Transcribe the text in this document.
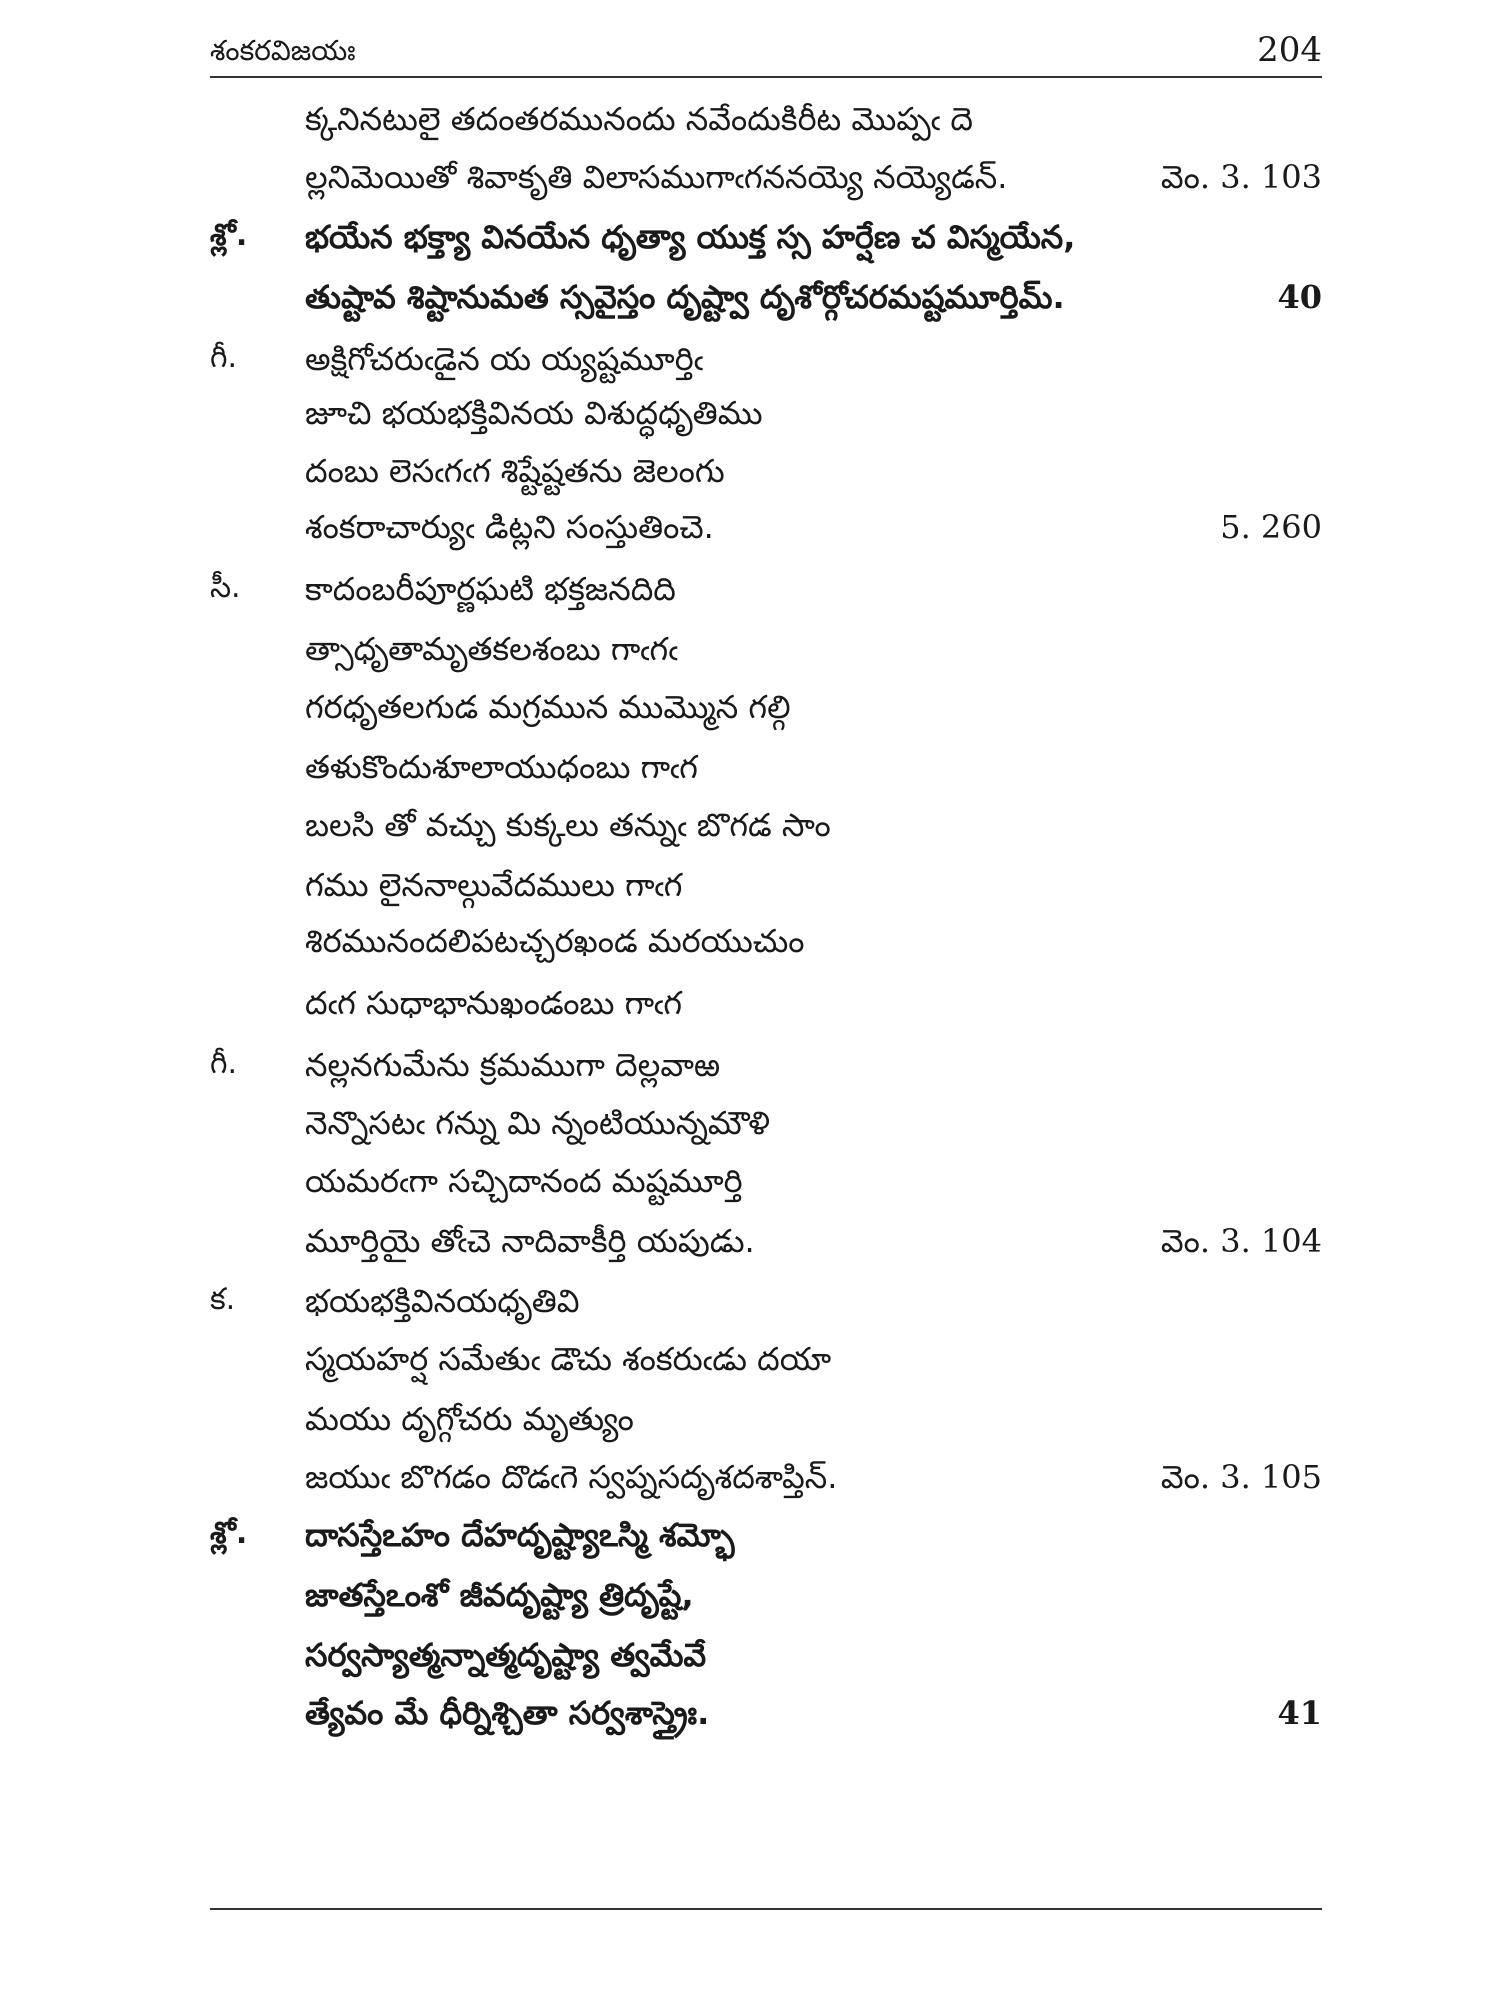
శంకరవిజయః	204
క్కనినటులై తదంతరమునందు నవేందుకిరీట మొప్పఁ దె
ల్లనిమెయితో శివాకృతి విలాసముగాఁగననయ్యె నయ్యెడన్.	వెం. 3. 103
శ్లో. భయేన భక్త్యా వినయేన ధృత్యా యుక్త స్స హర్షేణ చ విస్మయేన,
తుష్టావ శిష్టానుమత స్సవైస్తం దృష్ట్వా దృశోర్గోచరమష్టమూర్తిమ్.	40
గీ. అక్షిగోచరుఁడైన య య్యష్టమూర్తిఁ
జూచి భయభక్తివినయ విశుద్ధధృతిము
దంబు లెసఁగఁగ శిష్టేష్టతను జెలంగు
శంకరాచార్యుఁ డిట్లని సంస్తుతించె.	5. 260
సీ. కాదంబరీపూర్ణఘటి భక్తజనదిది
త్సాధృతామృతకలశంబు గాఁగఁ
గరధృతలగుడ మగ్రమున ముమ్మొన గల్గి
తళుకొందుశూలాయుధంబు గాఁగ
బలసి తో వచ్చు కుక్కలు తన్నుఁ బొగడ సాం
గము లైననాల్గువేదములు గాఁగ
శిరమునందలిపటచ్చరఖండ మరయుచుం
దఁగ సుధాభానుఖండంబు గాఁగ
గీ. నల్లనగుమేను క్రమముగా దెల్లవాఱ
నెన్నొసటఁ గన్ను మి న్నంటియున్నమౌళి
యమరఁగా సచ్చిదానంద మష్టమూర్తి
మూర్తియై తోఁచె నాదివాకీర్తి యపుడు.	వెం. 3. 104
క. భయభక్తివినయధృతివి
స్మయహర్ష సమేతుఁ డౌచు శంకరుఁడు దయా
మయు దృగ్గోచరు మృత్యుం
జయుఁ బొగడం దొడఁగె స్వప్నసదృశదశాప్తిన్.	వెం. 3. 105
శ్లో. దాసస్తేఽహం దేహదృష్ట్యాఽస్మి శమ్భో
జాతస్తేఽంశో జీవదృష్ట్యా త్రిదృష్టే,
సర్వస్యాత్మన్నాత్మదృష్ట్యా త్వమేవే
త్యేవం మే ధీర్నిశ్చితా సర్వశాస్త్రైః.	41
